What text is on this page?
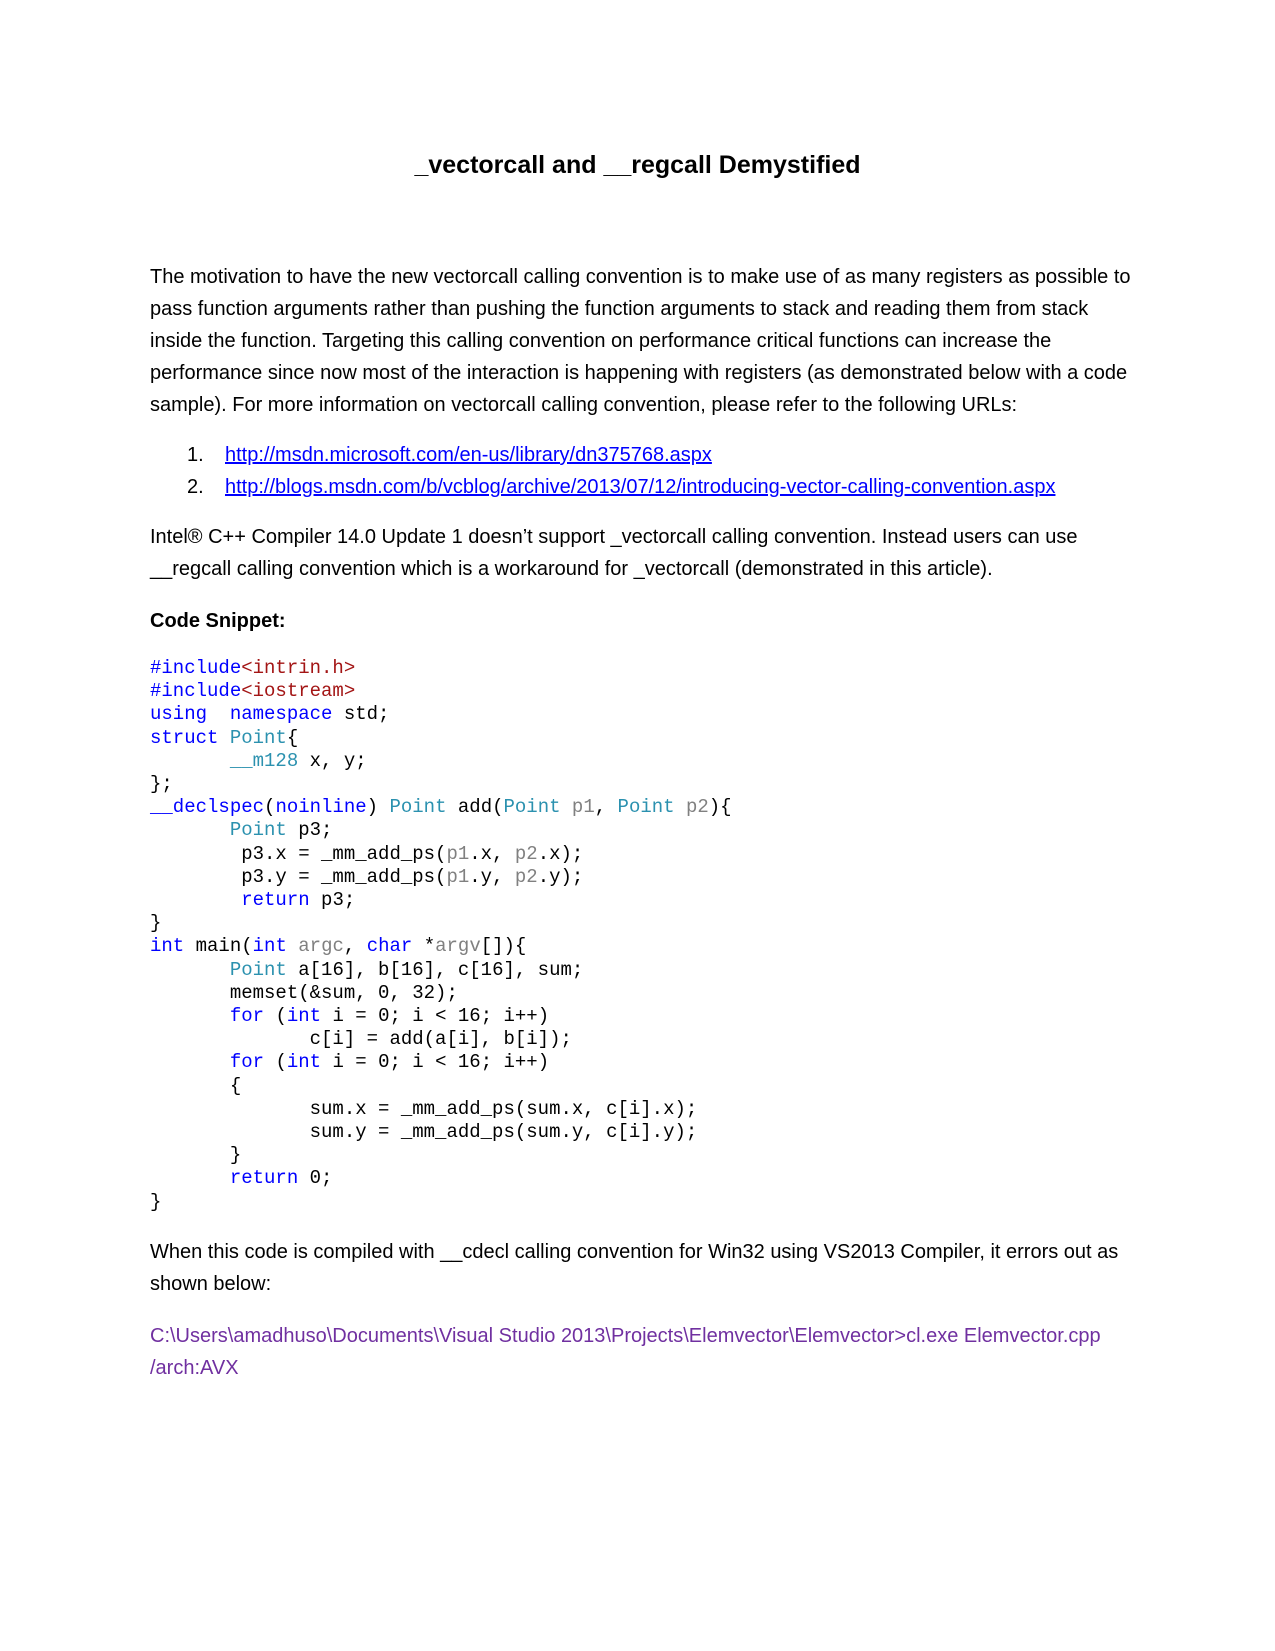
_vectorcall and __regcall Demystified

The motivation to have the new vectorcall calling convention is to make use of as many registers as possible to pass function arguments rather than pushing the function arguments to stack and reading them from stack inside the function. Targeting this calling convention on performance critical functions can increase the performance since now most of the interaction is happening with registers (as demonstrated below with a code sample). For more information on vectorcall calling convention, please refer to the following URLs:

1. http://msdn.microsoft.com/en-us/library/dn375768.aspx
2. http://blogs.msdn.com/b/vcblog/archive/2013/07/12/introducing-vector-calling-convention.aspx

Intel® C++ Compiler 14.0 Update 1 doesn’t support _vectorcall calling convention. Instead users can use __regcall calling convention which is a workaround for _vectorcall (demonstrated in this article).

Code Snippet:

#include<intrin.h>
#include<iostream>
using namespace std;
struct Point{
__m128 x, y;
};
__declspec(noinline) Point add(Point p1, Point p2){
Point p3;
p3.x = _mm_add_ps(p1.x, p2.x);
p3.y = _mm_add_ps(p1.y, p2.y);
return p3;
}
int main(int argc, char *argv[]){
Point a[16], b[16], c[16], sum;
memset(&sum, 0, 32);
for (int i = 0; i < 16; i++)
c[i] = add(a[i], b[i]);
for (int i = 0; i < 16; i++)
{
sum.x = _mm_add_ps(sum.x, c[i].x);
sum.y = _mm_add_ps(sum.y, c[i].y);
}
return 0;
}

When this code is compiled with __cdecl calling convention for Win32 using VS2013 Compiler, it errors out as shown below:

C:\Users\amadhuso\Documents\Visual Studio 2013\Projects\Elemvector\Elemvector>cl.exe Elemvector.cpp /arch:AVX
